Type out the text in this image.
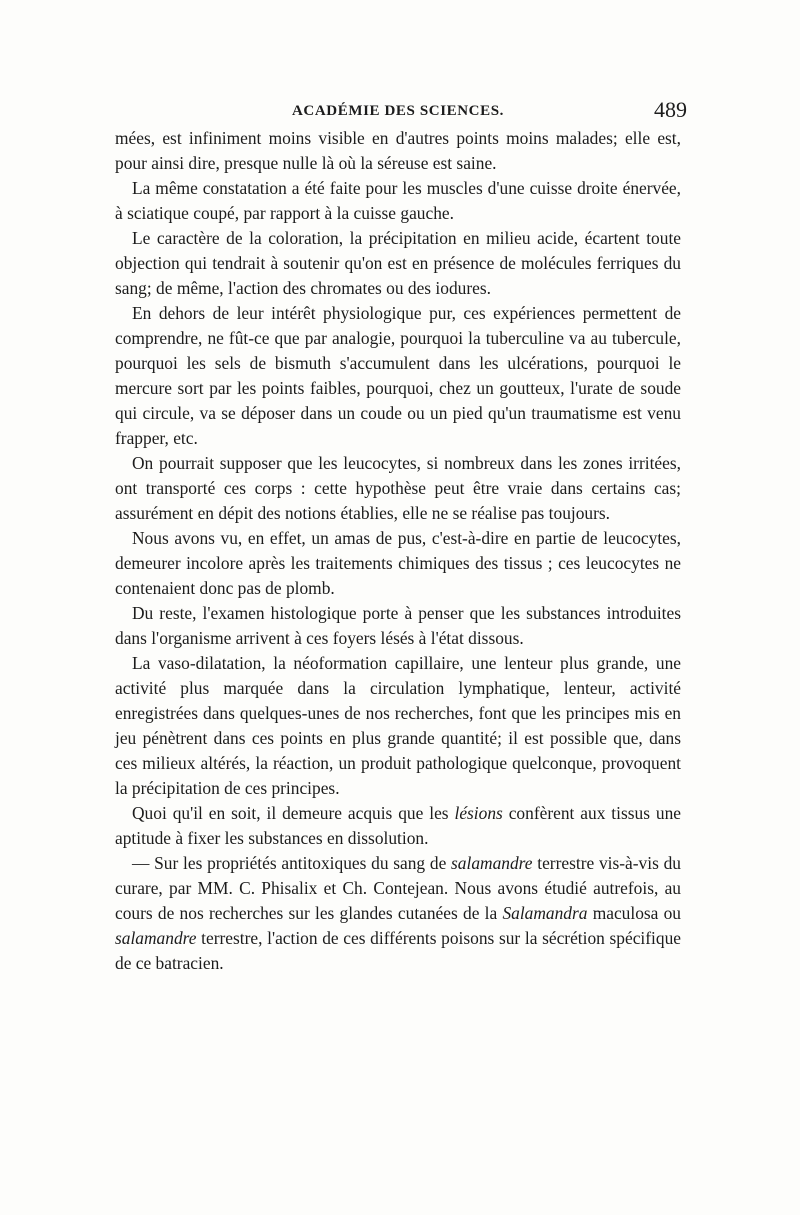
ACADÉMIE DES SCIENCES.	489

mées, est infiniment moins visible en d'autres points moins malades; elle est, pour ainsi dire, presque nulle là où la séreuse est saine.

La même constatation a été faite pour les muscles d'une cuisse droite énervée, à sciatique coupé, par rapport à la cuisse gauche.

Le caractère de la coloration, la précipitation en milieu acide, écartent toute objection qui tendrait à soutenir qu'on est en présence de molécules ferriques du sang; de même, l'action des chromates ou des iodures.

En dehors de leur intérêt physiologique pur, ces expériences permettent de comprendre, ne fût-ce que par analogie, pourquoi la tuberculine va au tubercule, pourquoi les sels de bismuth s'accumulent dans les ulcérations, pourquoi le mercure sort par les points faibles, pourquoi, chez un goutteux, l'urate de soude qui circule, va se déposer dans un coude ou un pied qu'un traumatisme est venu frapper, etc.

On pourrait supposer que les leucocytes, si nombreux dans les zones irritées, ont transporté ces corps : cette hypothèse peut être vraie dans certains cas; assurément en dépit des notions établies, elle ne se réalise pas toujours.

Nous avons vu, en effet, un amas de pus, c'est-à-dire en partie de leucocytes, demeurer incolore après les traitements chimiques des tissus ; ces leucocytes ne contenaient donc pas de plomb.

Du reste, l'examen histologique porte à penser que les substances introduites dans l'organisme arrivent à ces foyers lésés à l'état dissous.

La vaso-dilatation, la néoformation capillaire, une lenteur plus grande, une activité plus marquée dans la circulation lymphatique, lenteur, activité enregistrées dans quelques-unes de nos recherches, font que les principes mis en jeu pénètrent dans ces points en plus grande quantité; il est possible que, dans ces milieux altérés, la réaction, un produit pathologique quelconque, provoquent la précipitation de ces principes.

Quoi qu'il en soit, il demeure acquis que les lésions confèrent aux tissus une aptitude à fixer les substances en dissolution.

— Sur les propriétés antitoxiques du sang de salamandre terrestre vis-à-vis du curare, par MM. C. Phisalix et Ch. Contejean. Nous avons étudié autrefois, au cours de nos recherches sur les glandes cutanées de la Salamandra maculosa ou salamandre terrestre, l'action de ces différents poisons sur la sécrétion spécifique de ce batracien.
